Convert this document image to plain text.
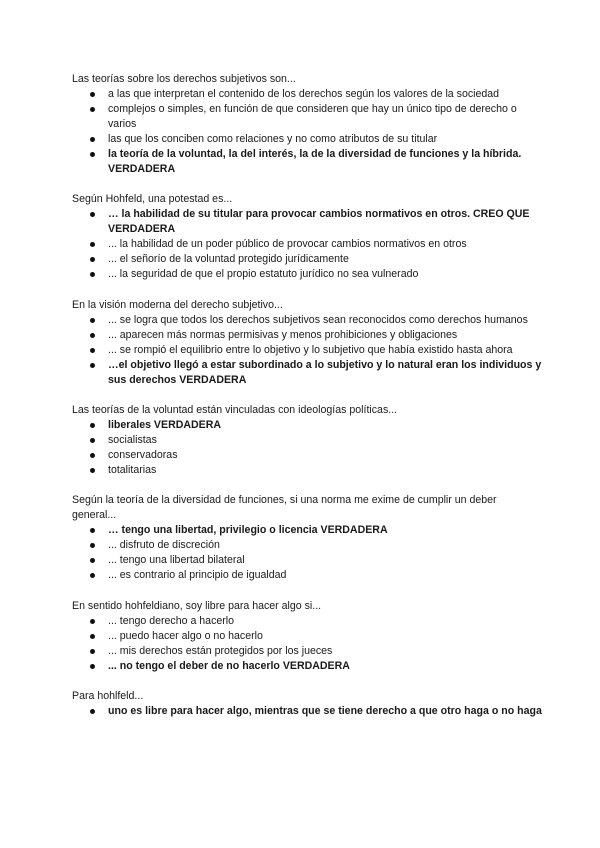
Las teorías sobre los derechos subjetivos son...

a las que interpretan el contenido de los derechos según los valores de la sociedad
complejos o simples, en función de que consideren que hay un único tipo de derecho o varios
las que los conciben como relaciones y no como atributos de su titular
la teoría de la voluntad, la del interés, la de la diversidad de funciones y la híbrida. VERDADERA

Según Hohfeld, una potestad es...

… la habilidad de su titular para provocar cambios normativos en otros. CREO QUE VERDADERA
... la habilidad de un poder público de provocar cambios normativos en otros
... el señorío de la voluntad protegido jurídicamente
... la seguridad de que el propio estatuto jurídico no sea vulnerado

En la visión moderna del derecho subjetivo...

... se logra que todos los derechos subjetivos sean reconocidos como derechos humanos
... aparecen más normas permisivas y menos prohibiciones y obligaciones
... se rompió el equilibrio entre lo objetivo y lo subjetivo que había existido hasta ahora
…el objetivo llegó a estar subordinado a lo subjetivo y lo natural eran los individuos y sus derechos VERDADERA

Las teorías de la voluntad están vinculadas con ideologías políticas...

liberales VERDADERA
socialistas
conservadoras
totalitarias

Según la teoría de la diversidad de funciones, si una norma me exime de cumplir un deber general...

… tengo una libertad, privilegio o licencia VERDADERA
... disfruto de discreción
... tengo una libertad bilateral
... es contrario al principio de igualdad

En sentido hohfeldiano, soy libre para hacer algo si...

... tengo derecho a hacerlo
... puedo hacer algo o no hacerlo
... mis derechos están protegidos por los jueces
... no tengo el deber de no hacerlo VERDADERA

Para hohlfeld...

uno es libre para hacer algo, mientras que se tiene derecho a que otro haga o no haga
